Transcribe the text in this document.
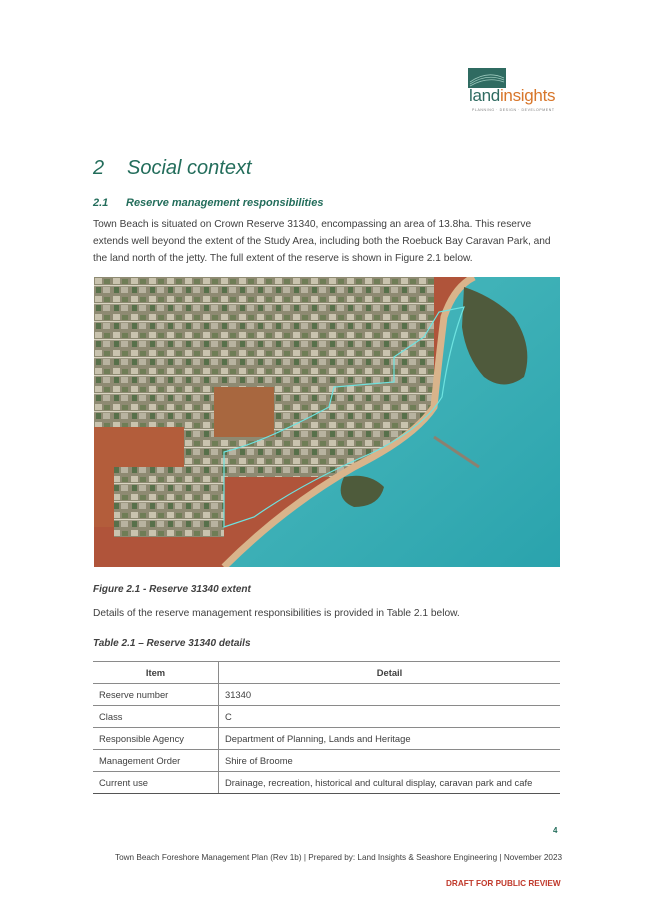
landinsights
PLANNING · DESIGN · DEVELOPMENT
2 Social context
2.1 Reserve management responsibilities

Town Beach is situated on Crown Reserve 31340, encompassing an area of 13.8ha. This reserve extends well beyond the extent of the Study Area, including both the Roebuck Bay Caravan Park, and the land north of the jetty. The full extent of the reserve is shown in Figure 2.1 below.

Figure 2.1 - Reserve 31340 extent

Details of the reserve management responsibilities is provided in Table 2.1 below.

Table 2.1 – Reserve 31340 details

Item	Detail
Reserve number	31340
Class	C
Responsible Agency	Department of Planning, Lands and Heritage
Management Order	Shire of Broome
Current use	Drainage, recreation, historical and cultural display, caravan park and cafe

4

Town Beach Foreshore Management Plan (Rev 1b) | Prepared by: Land Insights & Seashore Engineering | November 2023

DRAFT FOR PUBLIC REVIEW
